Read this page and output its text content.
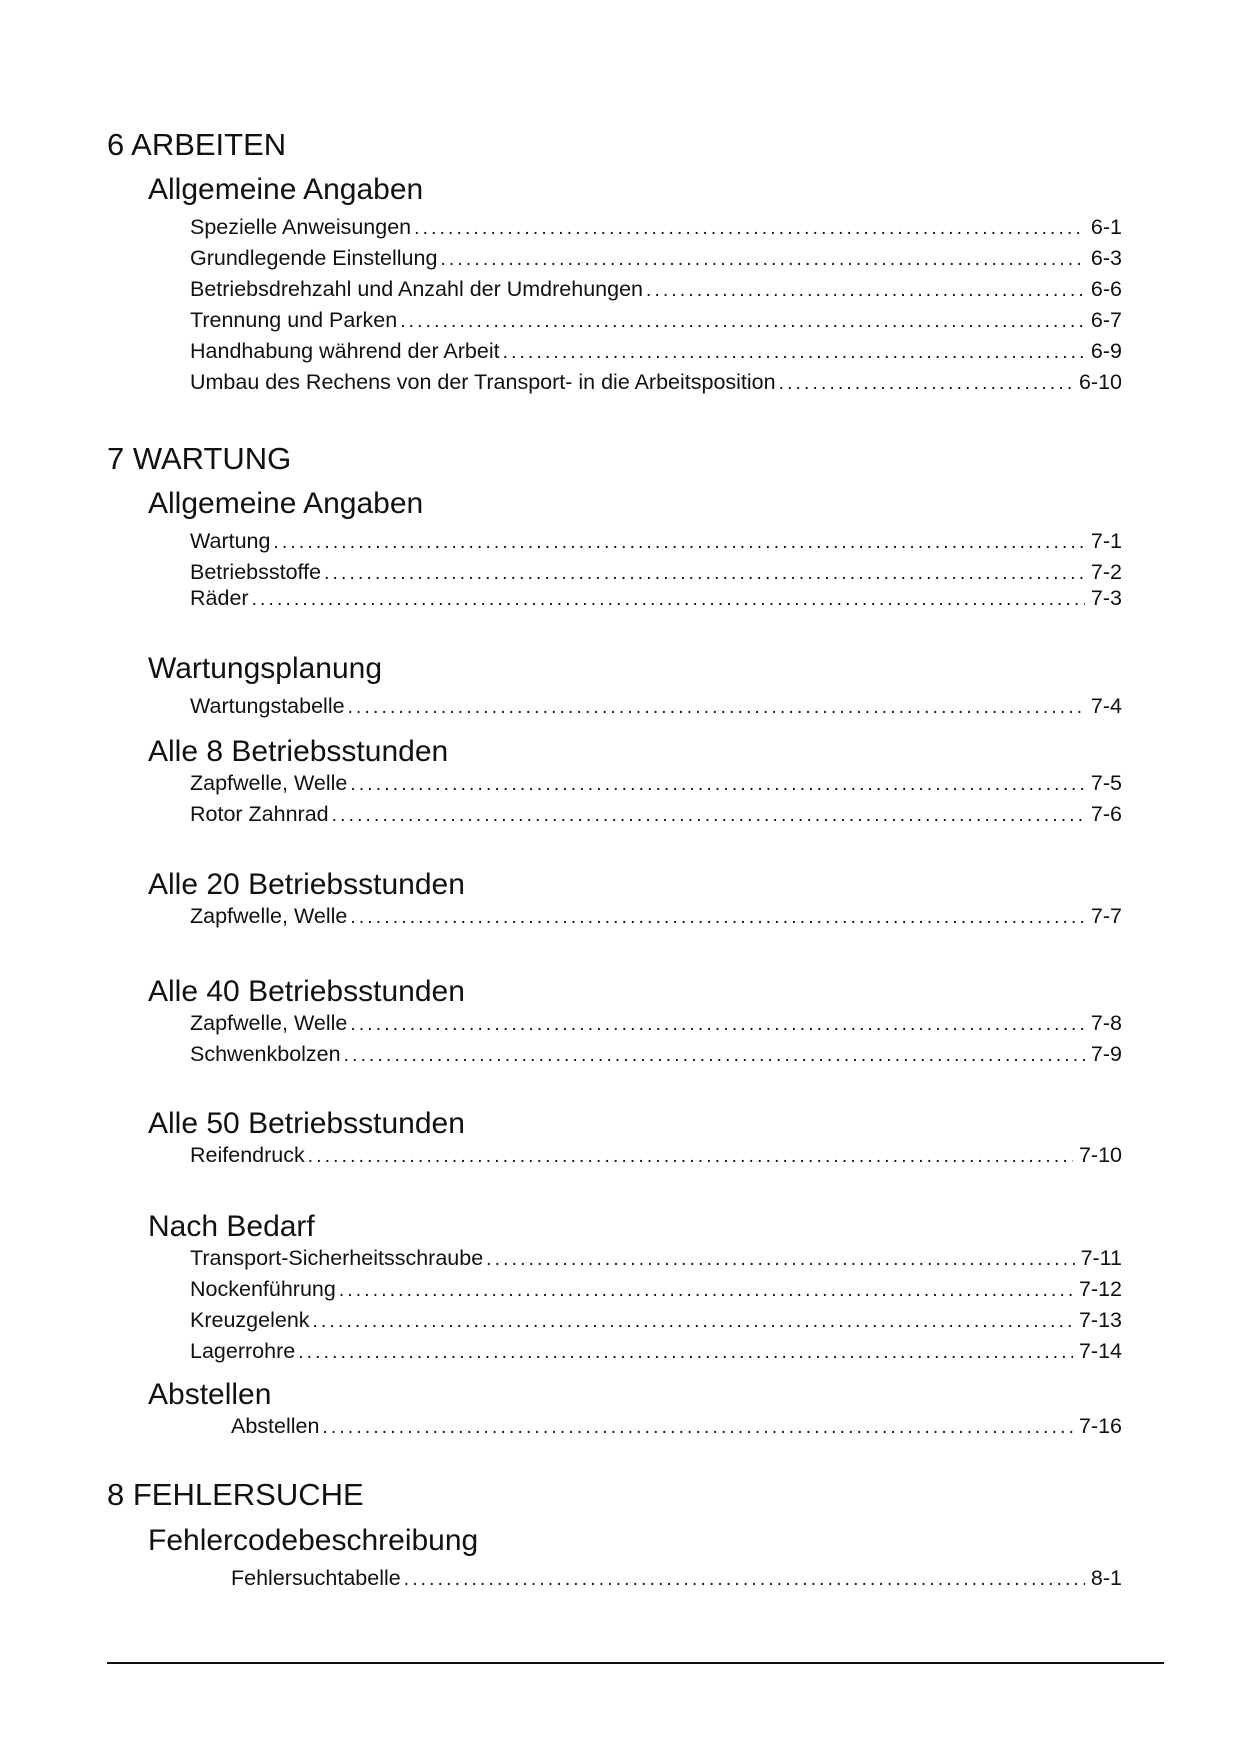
6 ARBEITEN
Allgemeine Angaben
Spezielle Anweisungen .....	6-1
Grundlegende Einstellung .....	6-3
Betriebsdrehzahl und Anzahl der Umdrehungen .....	6-6
Trennung und Parken .....	6-7
Handhabung während der Arbeit .....	6-9
Umbau des Rechens von der Transport- in die Arbeitsposition .....	6-10
7 WARTUNG
Allgemeine Angaben
Wartung .....	7-1
Betriebsstoffe .....	7-2
Räder .....	7-3
Wartungsplanung
Wartungstabelle .....	7-4
Alle 8 Betriebsstunden
Zapfwelle, Welle .....	7-5
Rotor Zahnrad .....	7-6
Alle 20 Betriebsstunden
Zapfwelle, Welle .....	7-7
Alle 40 Betriebsstunden
Zapfwelle, Welle .....	7-8
Schwenkbolzen .....	7-9
Alle 50 Betriebsstunden
Reifendruck .....	7-10
Nach Bedarf
Transport-Sicherheitsschraube .....	7-11
Nockenführung .....	7-12
Kreuzgelenk .....	7-13
Lagerrohre .....	7-14
Abstellen
Abstellen .....	7-16
8 FEHLERSUCHE
Fehlercodebeschreibung
Fehlersuchtabelle .....	8-1
